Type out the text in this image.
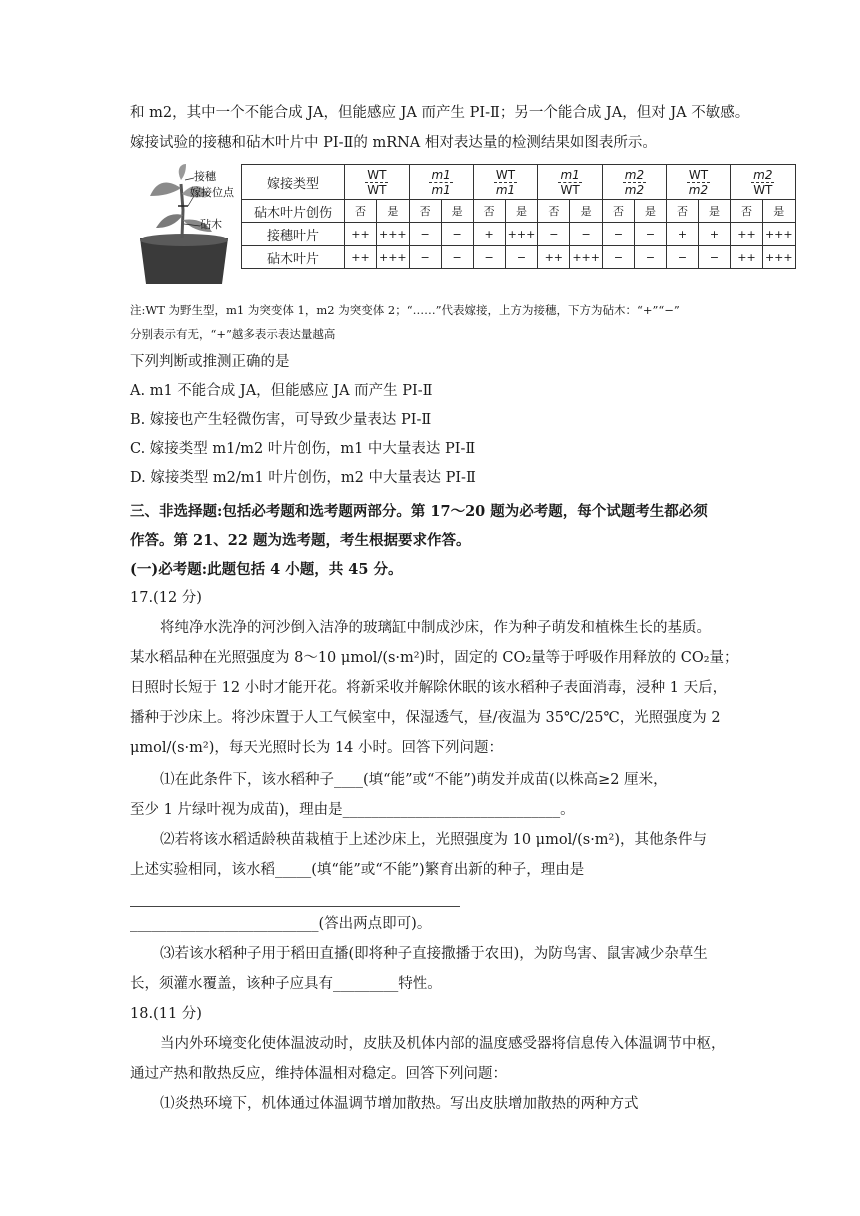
和 m2，其中一个不能合成 JA，但能感应 JA 而产生 PI-Ⅱ；另一个能合成 JA，但对 JA 不敏感。
嫁接试验的接穗和砧木叶片中 PI-Ⅱ的 mRNA 相对表达量的检测结果如图表所示。
接穗
嫁接位点
砧木
嫁接类型	$\frac{WT}{WT}$		$\frac{m1}{m1}$		$\frac{WT}{m1}$		$\frac{m1}{WT}$		$\frac{m2}{m2}$		$\frac{WT}{m2}$		$\frac{m2}{WT}$

砧木叶片创伤	否	是	否	是	否	是	否	是	否	是	否	是	否	是
接穗叶片	++	+++	−	−	+	+++	−	−	−	−	+	+	++	+++
砧木叶片	++	+++	−	−	−	−	++	+++	−	−	−	−	++	+++
注:WT 为野生型，m1 为突变体 1，m2 为突变体 2；“……”代表嫁接，上方为接穗，下方为砧木：“+”“−”
分别表示有无，“+”越多表示表达量越高
下列判断或推测正确的是
A. m1 不能合成 JA，但能感应 JA 而产生 PI-Ⅱ
B. 嫁接也产生轻微伤害，可导致少量表达 PI-Ⅱ
C. 嫁接类型 m1/m2 叶片创伤，m1 中大量表达 PI-Ⅱ
D. 嫁接类型 m2/m1 叶片创伤，m2 中大量表达 PI-Ⅱ
三、非选择题:包括必考题和选考题两部分。第 17～20 题为必考题，每个试题考生都必须
作答。第 21、22 题为选考题，考生根据要求作答。
(一)必考题:此题包括 4 小题，共 45 分。
17.(12 分)
将纯净水洗净的河沙倒入洁净的玻璃缸中制成沙床，作为种子萌发和植株生长的基质。
某水稻品种在光照强度为 8～10 μmol/(s·m²)时，固定的 CO₂量等于呼吸作用释放的 CO₂量；
日照时长短于 12 小时才能开花。将新采收并解除休眠的该水稻种子表面消毒，浸种 1 天后，
播种于沙床上。将沙床置于人工气候室中，保湿透气，昼/夜温为 35℃/25℃，光照强度为 2
μmol/(s·m²)，每天光照时长为 14 小时。回答下列问题：
⑴在此条件下，该水稻种子____(填“能”或“不能”)萌发并成苗(以株高≥2 厘米，
至少 1 片绿叶视为成苗)，理由是______________________________。
⑵若将该水稻适龄秧苗栽植于上述沙床上，光照强度为 10 μmol/(s·m²)，其他条件与
上述实验相同，该水稻_____(填“能”或“不能”)繁育出新的种子，理由是
__________________________(答出两点即可)。
⑶若该水稻种子用于稻田直播(即将种子直接撒播于农田)，为防鸟害、鼠害减少杂草生
长，须灌水覆盖，该种子应具有_________特性。
18.(11 分)
当内外环境变化使体温波动时，皮肤及机体内部的温度感受器将信息传入体温调节中枢，
通过产热和散热反应，维持体温相对稳定。回答下列问题：
⑴炎热环境下，机体通过体温调节增加散热。写出皮肤增加散热的两种方式
